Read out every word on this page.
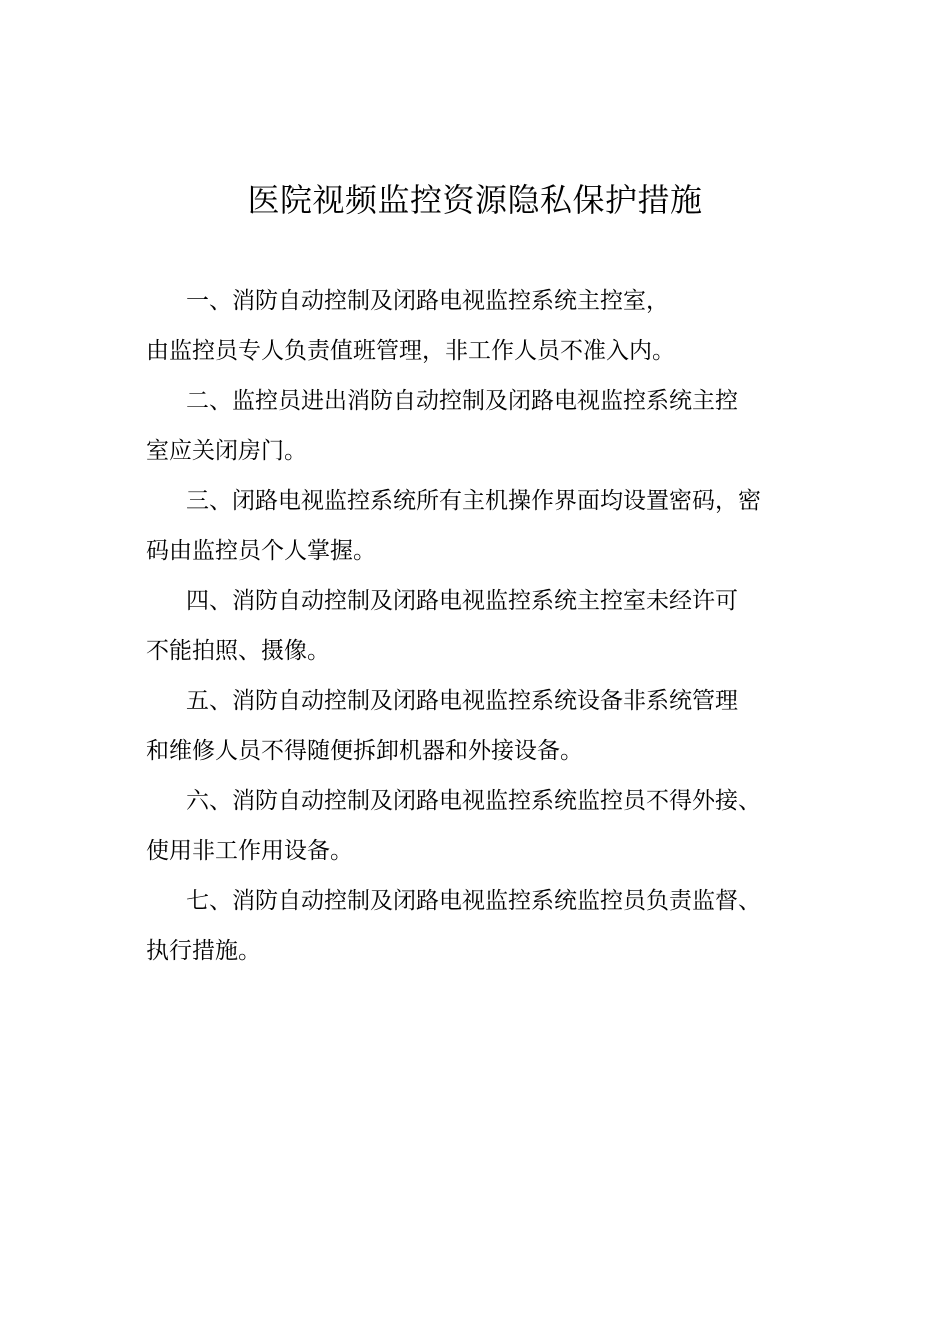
医院视频监控资源隐私保护措施
一、消防自动控制及闭路电视监控系统主控室，
由监控员专人负责值班管理，非工作人员不准入内。
二、监控员进出消防自动控制及闭路电视监控系统主控
室应关闭房门。
三、闭路电视监控系统所有主机操作界面均设置密码，密
码由监控员个人掌握。
四、消防自动控制及闭路电视监控系统主控室未经许可
不能拍照、摄像。
五、消防自动控制及闭路电视监控系统设备非系统管理
和维修人员不得随便拆卸机器和外接设备。
六、消防自动控制及闭路电视监控系统监控员不得外接、
使用非工作用设备。
七、消防自动控制及闭路电视监控系统监控员负责监督、
执行措施。
